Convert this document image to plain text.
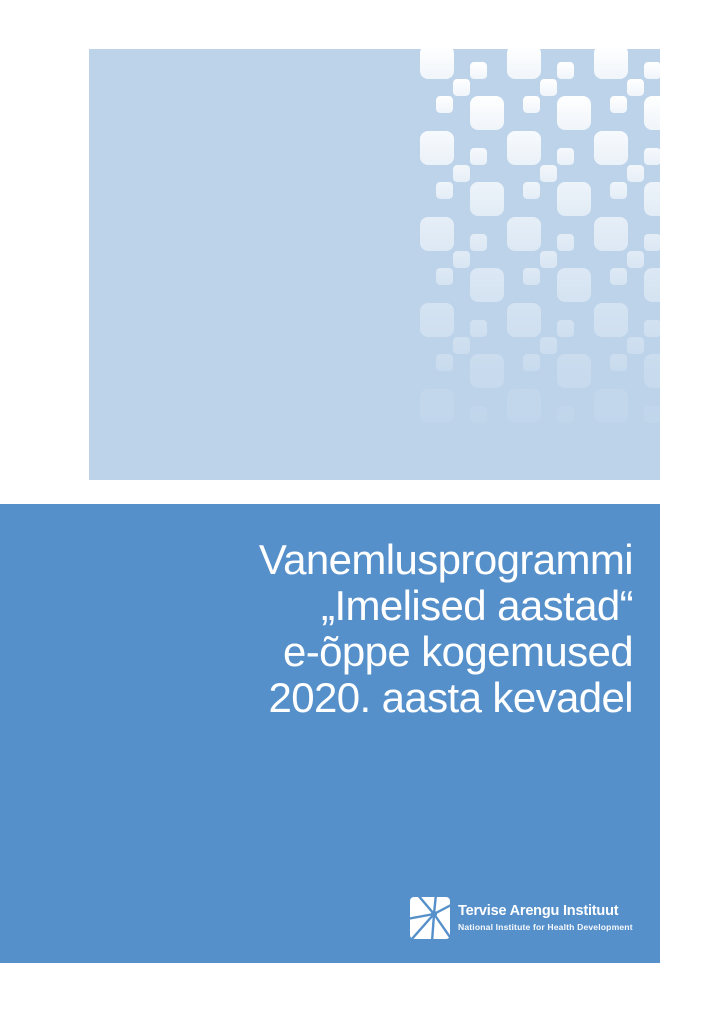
Vanemlusprogrammi
„Imelised aastad“
e-õppe kogemused
2020. aasta kevadel
Tervise Arengu Instituut
National Institute for Health Development
